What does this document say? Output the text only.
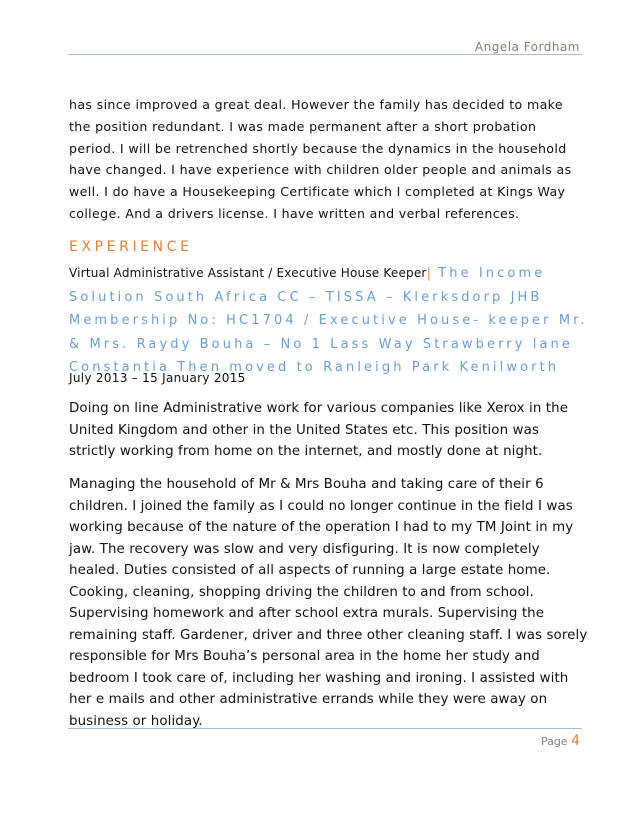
Angela Fordham

has since improved a great deal. However the family has decided to make the position redundant. I was made permanent after a short probation period. I will be retrenched shortly because the dynamics in the household have changed. I have experience with children older people and animals as well. I do have a Housekeeping Certificate which I completed at Kings Way college. And a drivers license. I have written and verbal references.

EXPERIENCE

Virtual Administrative Assistant / Executive House Keeper| The Income Solution South Africa CC – TISSA – Klerksdorp JHB Membership No: HC1704 / Executive House- keeper Mr. & Mrs. Raydy Bouha – No 1 Lass Way Strawberry lane Constantia Then moved to Ranleigh Park Kenilworth

July 2013 – 15 January 2015

Doing on line Administrative work for various companies like Xerox in the United Kingdom and other in the United States etc. This position was strictly working from home on the internet, and mostly done at night.

Managing the household of Mr & Mrs Bouha and taking care of their 6 children. I joined the family as I could no longer continue in the field I was working because of the nature of the operation I had to my TM Joint in my jaw. The recovery was slow and very disfiguring. It is now completely healed. Duties consisted of all aspects of running a large estate home. Cooking, cleaning, shopping driving the children to and from school. Supervising homework and after school extra murals. Supervising the remaining staff. Gardener, driver and three other cleaning staff. I was sorely responsible for Mrs Bouha’s personal area in the home her study and bedroom I took care of, including her washing and ironing. I assisted with her e mails and other administrative errands while they were away on business or holiday.

Page 4
